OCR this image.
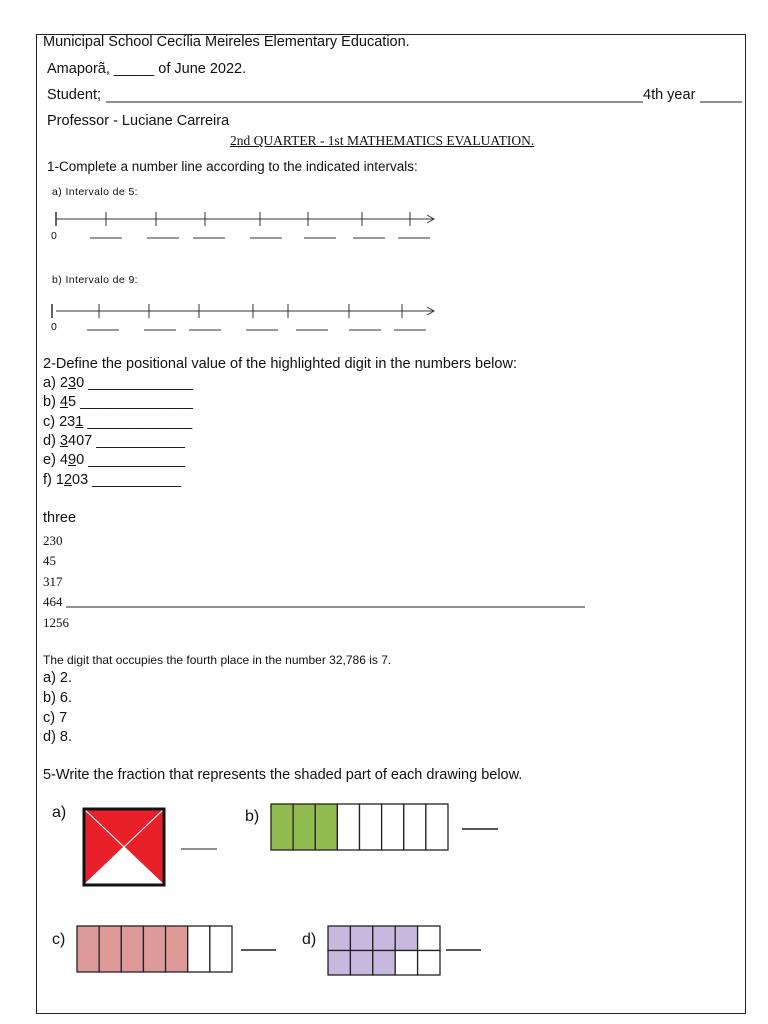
Municipal School Cecília Meireles Elementary Education.
Amaporã, _____ of June 2022.
Student;	4th year
Professor - Luciane Carreira
2nd QUARTER - 1st MATHEMATICS EVALUATION.
1-Complete a number line according to the indicated intervals:
a) Intervalo de 5:
0
b) Intervalo de 9:
0
2-Define the positional value of the highlighted digit in the numbers below:
a) 230 _____________
b) 45 ______________
c) 231 _____________
d) 3407 ___________
e) 490 ____________
f) 1203 ___________
three
230
45
317
464
1256
The digit that occupies the fourth place in the number 32,786 is 7.
a) 2.
b) 6.
c) 7
d) 8.
5-Write the fraction that represents the shaded part of each drawing below.
a)	b)
c)	d)
